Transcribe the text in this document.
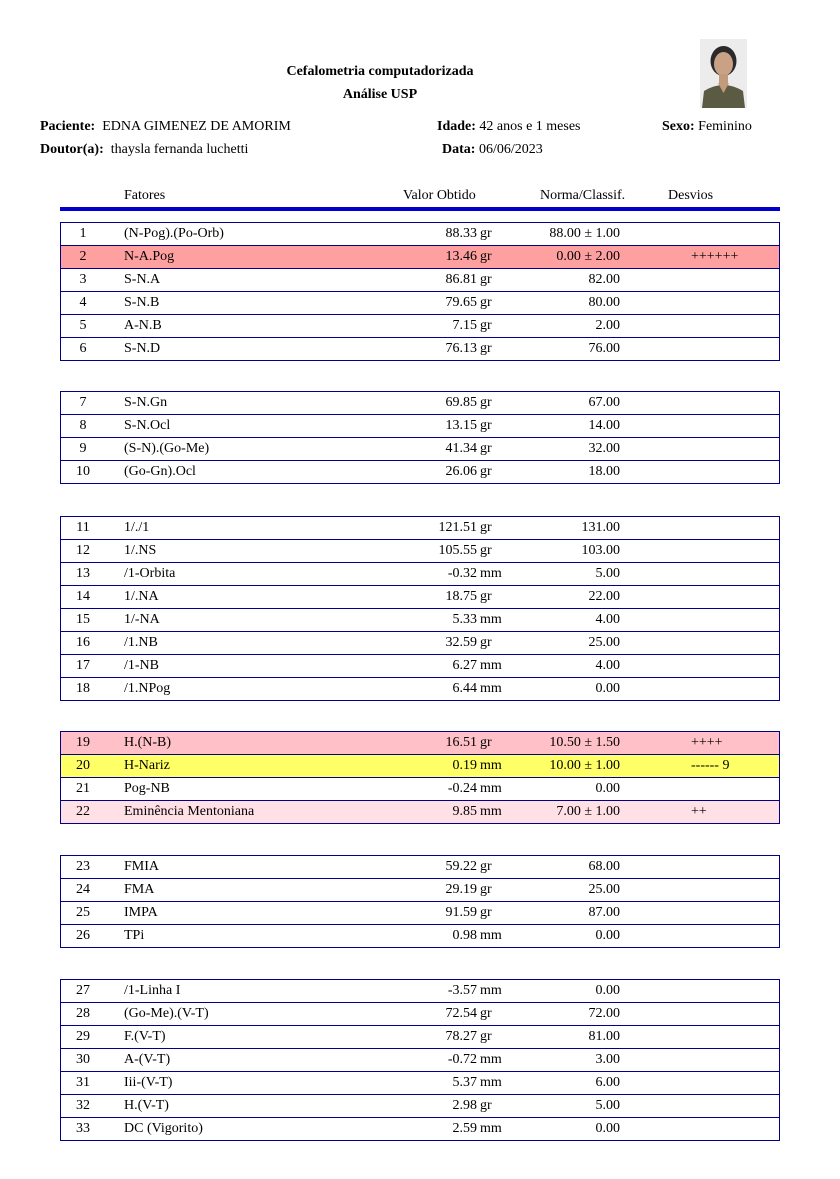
Cefalometria computadorizada
Análise USP
Paciente: EDNA GIMENEZ DE AMORIM	Idade: 42 anos e 1 meses	Sexo: Feminino
Doutor(a): thaysla fernanda luchetti	Data: 06/06/2023
Fatores	Valor Obtido	Norma/Classif.	Desvios
1	(N-Pog).(Po-Orb)	88.33 gr	88.00 ± 1.00
2	N-A.Pog	13.46 gr	0.00 ± 2.00	++++++
3	S-N.A	86.81 gr	82.00
4	S-N.B	79.65 gr	80.00
5	A-N.B	7.15 gr	2.00
6	S-N.D	76.13 gr	76.00
7	S-N.Gn	69.85 gr	67.00
8	S-N.Ocl	13.15 gr	14.00
9	(S-N).(Go-Me)	41.34 gr	32.00
10	(Go-Gn).Ocl	26.06 gr	18.00
11	1/./1	121.51 gr	131.00
12	1/.NS	105.55 gr	103.00
13	/1-Orbita	-0.32 mm	5.00
14	1/.NA	18.75 gr	22.00
15	1/-NA	5.33 mm	4.00
16	/1.NB	32.59 gr	25.00
17	/1-NB	6.27 mm	4.00
18	/1.NPog	6.44 mm	0.00
19	H.(N-B)	16.51 gr	10.50 ± 1.50	++++
20	H-Nariz	0.19 mm	10.00 ± 1.00	------ 9
21	Pog-NB	-0.24 mm	0.00
22	Eminência Mentoniana	9.85 mm	7.00 ± 1.00	++
23	FMIA	59.22 gr	68.00
24	FMA	29.19 gr	25.00
25	IMPA	91.59 gr	87.00
26	TPi	0.98 mm	0.00
27	/1-Linha I	-3.57 mm	0.00
28	(Go-Me).(V-T)	72.54 gr	72.00
29	F.(V-T)	78.27 gr	81.00
30	A-(V-T)	-0.72 mm	3.00
31	Iii-(V-T)	5.37 mm	6.00
32	H.(V-T)	2.98 gr	5.00
33	DC (Vigorito)	2.59 mm	0.00
